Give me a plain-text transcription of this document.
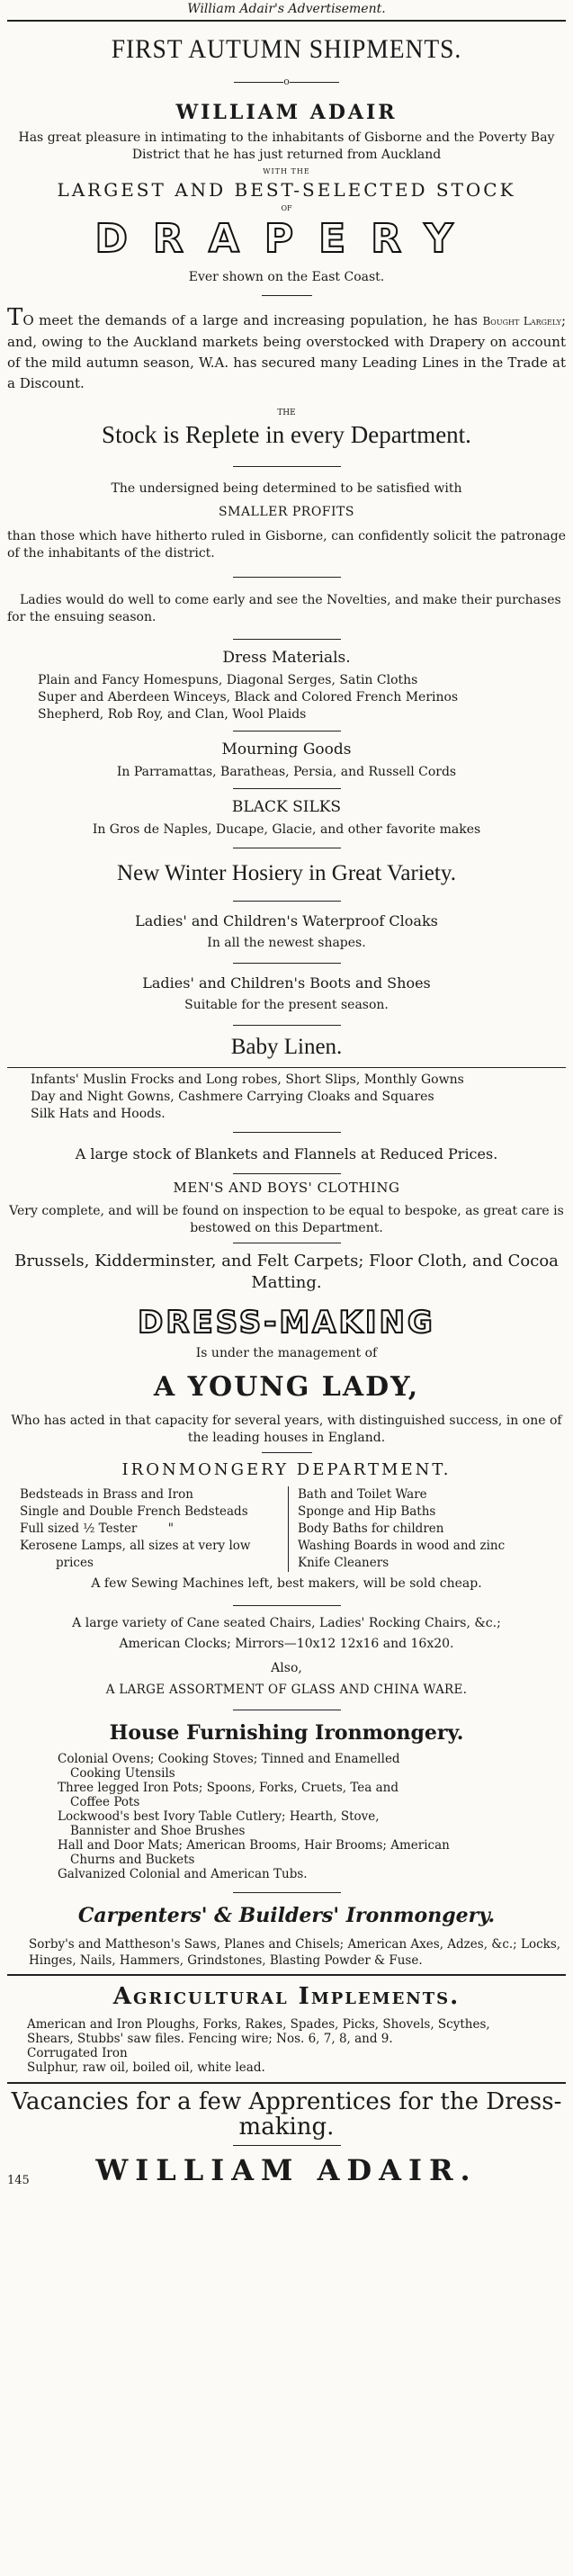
William Adair's Advertisement.
FIRST AUTUMN SHIPMENTS.
o
WILLIAM ADAIR

Has great pleasure in intimating to the inhabitants of Gisborne and the Poverty Bay District that he has just returned from Auckland

WITH THE
LARGEST AND BEST-SELECTED STOCK
OF
DRAPERY
Ever shown on the East Coast.

TO meet the demands of a large and increasing population, he has Bought Largely; and, owing to the Auckland markets being overstocked with Drapery on account of the mild autumn season, W.A. has secured many Leading Lines in the Trade at a Discount.

THE
Stock is Replete in every Department.
The undersigned being determined to be satisfied with
SMALLER PROFITS

than those which have hitherto ruled in Gisborne, can confidently solicit the patronage of the inhabitants of the district.

Ladies would do well to come early and see the Novelties, and make their purchases for the ensuing season.

Dress Materials.

Plain and Fancy Homespuns, Diagonal Serges, Satin Cloths

Super and Aberdeen Winceys, Black and Colored French Merinos

Shepherd, Rob Roy, and Clan, Wool Plaids

Mourning Goods
In Parramattas, Baratheas, Persia, and Russell Cords
BLACK SILKS
In Gros de Naples, Ducape, Glacie, and other favorite makes
New Winter Hosiery in Great Variety.
Ladies' and Children's Waterproof Cloaks
In all the newest shapes.
Ladies' and Children's Boots and Shoes
Suitable for the present season.
Baby Linen.

Infants' Muslin Frocks and Long robes, Short Slips, Monthly Gowns

Day and Night Gowns, Cashmere Carrying Cloaks and Squares

Silk Hats and Hoods.

A large stock of Blankets and Flannels at Reduced Prices.
MEN'S AND BOYS' CLOTHING

Very complete, and will be found on inspection to be equal to bespoke, as great care is bestowed on this Department.

Brussels, Kidderminster, and Felt Carpets; Floor Cloth, and Cocoa Matting.

DRESS-MAKING
Is under the management of
A YOUNG LADY,

Who has acted in that capacity for several years, with distinguished success, in one of the leading houses in England.

IRONMONGERY DEPARTMENT.

Bedsteads in Brass and Iron

Single and Double French Bedsteads

Full sized ½ Tester        "

Kerosene Lamps, all sizes at very low

prices

Bath and Toilet Ware

Sponge and Hip Baths

Body Baths for children

Washing Boards in wood and zinc

Knife Cleaners

A few Sewing Machines left, best makers, will be sold cheap.
A large variety of Cane seated Chairs, Ladies' Rocking Chairs, &c.;
American Clocks; Mirrors—10x12 12x16 and 16x20.
Also,
A LARGE ASSORTMENT OF GLASS AND CHINA WARE.
House Furnishing Ironmongery.

Colonial Ovens; Cooking Stoves; Tinned and Enamelled

Cooking Utensils

Three legged Iron Pots; Spoons, Forks, Cruets, Tea and

Coffee Pots

Lockwood's best Ivory Table Cutlery; Hearth, Stove,

Bannister and Shoe Brushes

Hall and Door Mats; American Brooms, Hair Brooms; American

Churns and Buckets

Galvanized Colonial and American Tubs.

Carpenters' & Builders' Ironmongery.

Sorby's and Mattheson's Saws, Planes and Chisels; American Axes, Adzes, &c.; Locks, Hinges, Nails, Hammers, Grindstones, Blasting Powder & Fuse.

Agricultural Implements.

American and Iron Ploughs, Forks, Rakes, Spades, Picks, Shovels, Scythes,

Shears, Stubbs' saw files. Fencing wire; Nos. 6, 7, 8, and 9.

Corrugated Iron

Sulphur, raw oil, boiled oil, white lead.

Vacancies for a few Apprentices for the Dress-making.

145	WILLIAM ADAIR.
